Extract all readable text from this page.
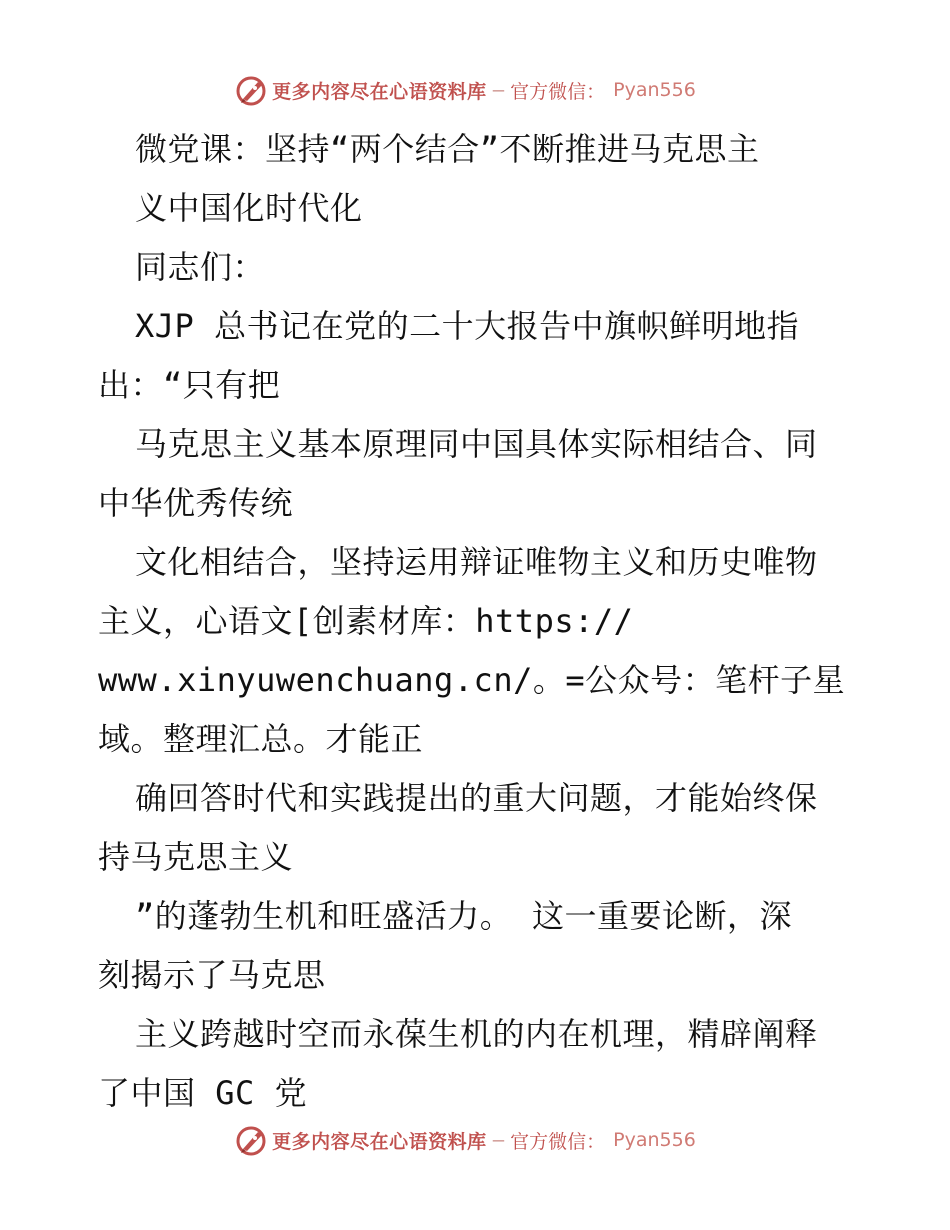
更多内容尽在心语资料库 — 官方微信： Pyan556
微党课：坚持“两个结合”不断推进马克思主
义中国化时代化
同志们：
XJP 总书记在党的二十大报告中旗帜鲜明地指
出：“只有把
马克思主义基本原理同中国具体实际相结合、同
中华优秀传统
文化相结合，坚持运用辩证唯物主义和历史唯物
主义，心语文[创素材库：https://
www.xinyuwenchuang.cn/。=公众号：笔杆子星
域。整理汇总。才能正
确回答时代和实践提出的重大问题，才能始终保
持马克思主义
”的蓬勃生机和旺盛活力。 这一重要论断，深
刻揭示了马克思
主义跨越时空而永葆生机的内在机理，精辟阐释
了中国 GC 党
更多内容尽在心语资料库 — 官方微信： Pyan556
